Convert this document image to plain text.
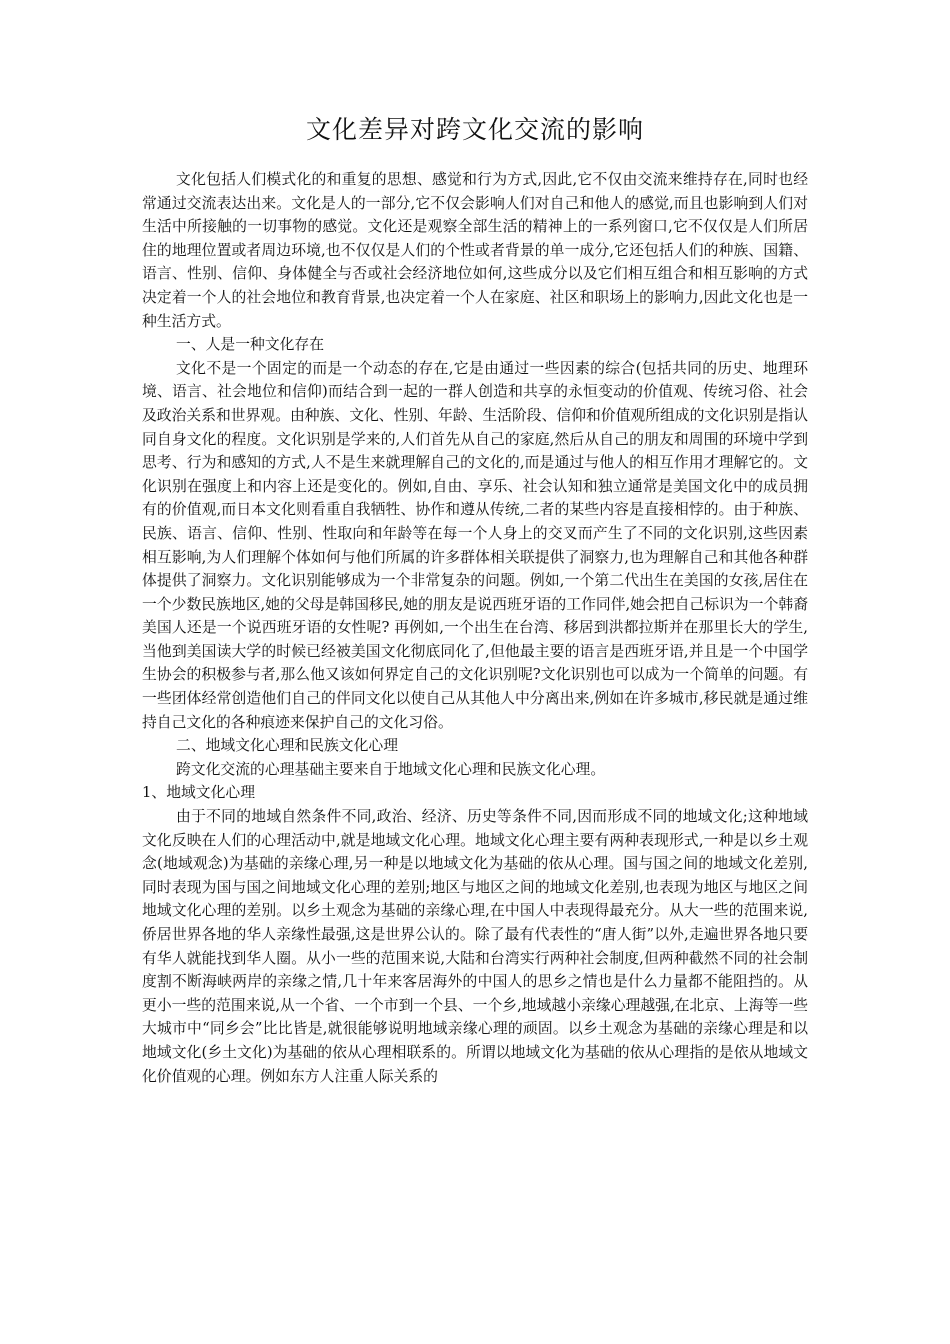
文化差异对跨文化交流的影响

文化包括人们模式化的和重复的思想、感觉和行为方式,因此,它不仅由交流来维持存在,同时也经常通过交流表达出来。文化是人的一部分,它不仅会影响人们对自己和他人的感觉,而且也影响到人们对生活中所接触的一切事物的感觉。文化还是观察全部生活的精神上的一系列窗口,它不仅仅是人们所居住的地理位置或者周边环境,也不仅仅是人们的个性或者背景的单一成分,它还包括人们的种族、国籍、语言、性别、信仰、身体健全与否或社会经济地位如何,这些成分以及它们相互组合和相互影响的方式决定着一个人的社会地位和教育背景,也决定着一个人在家庭、社区和职场上的影响力,因此文化也是一种生活方式。

一、人是一种文化存在

文化不是一个固定的而是一个动态的存在,它是由通过一些因素的综合(包括共同的历史、地理环境、语言、社会地位和信仰)而结合到一起的一群人创造和共享的永恒变动的价值观、传统习俗、社会及政治关系和世界观。由种族、文化、性别、年龄、生活阶段、信仰和价值观所组成的文化识别是指认同自身文化的程度。文化识别是学来的,人们首先从自己的家庭,然后从自己的朋友和周围的环境中学到思考、行为和感知的方式,人不是生来就理解自己的文化的,而是通过与他人的相互作用才理解它的。文化识别在强度上和内容上还是变化的。例如,自由、享乐、社会认知和独立通常是美国文化中的成员拥有的价值观,而日本文化则看重自我牺牲、协作和遵从传统,二者的某些内容是直接相悖的。由于种族、民族、语言、信仰、性别、性取向和年龄等在每一个人身上的交叉而产生了不同的文化识别,这些因素相互影响,为人们理解个体如何与他们所属的许多群体相关联提供了洞察力,也为理解自己和其他各种群体提供了洞察力。文化识别能够成为一个非常复杂的问题。例如,一个第二代出生在美国的女孩,居住在一个少数民族地区,她的父母是韩国移民,她的朋友是说西班牙语的工作同伴,她会把自己标识为一个韩裔美国人还是一个说西班牙语的女性呢? 再例如,一个出生在台湾、移居到洪都拉斯并在那里长大的学生,当他到美国读大学的时候已经被美国文化彻底同化了,但他最主要的语言是西班牙语,并且是一个中国学生协会的积极参与者,那么他又该如何界定自己的文化识别呢?文化识别也可以成为一个简单的问题。有一些团体经常创造他们自己的伴同文化以使自己从其他人中分离出来,例如在许多城市,移民就是通过维持自己文化的各种痕迹来保护自己的文化习俗。

二、地域文化心理和民族文化心理

跨文化交流的心理基础主要来自于地域文化心理和民族文化心理。

1、地域文化心理

由于不同的地域自然条件不同,政治、经济、历史等条件不同,因而形成不同的地域文化;这种地域文化反映在人们的心理活动中,就是地域文化心理。地域文化心理主要有两种表现形式,一种是以乡土观念(地域观念)为基础的亲缘心理,另一种是以地域文化为基础的依从心理。国与国之间的地域文化差别,同时表现为国与国之间地域文化心理的差别;地区与地区之间的地域文化差别,也表现为地区与地区之间地域文化心理的差别。以乡土观念为基础的亲缘心理,在中国人中表现得最充分。从大一些的范围来说,侨居世界各地的华人亲缘性最强,这是世界公认的。除了最有代表性的“唐人街”以外,走遍世界各地只要有华人就能找到华人圈。从小一些的范围来说,大陆和台湾实行两种社会制度,但两种截然不同的社会制度割不断海峡两岸的亲缘之情,几十年来客居海外的中国人的思乡之情也是什么力量都不能阻挡的。从更小一些的范围来说,从一个省、一个市到一个县、一个乡,地域越小亲缘心理越强,在北京、上海等一些大城市中“同乡会”比比皆是,就很能够说明地域亲缘心理的顽固。以乡土观念为基础的亲缘心理是和以地域文化(乡土文化)为基础的依从心理相联系的。所谓以地域文化为基础的依从心理指的是依从地域文化价值观的心理。例如东方人注重人际关系的
